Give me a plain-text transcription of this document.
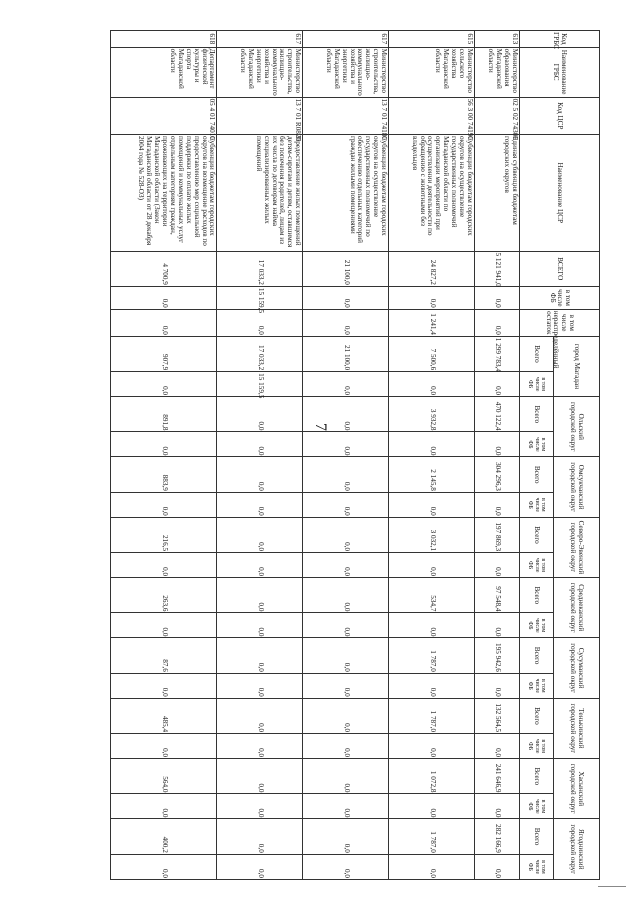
7
Код ГРБС	Наименование ГРБС	Код ЦСР	Наименование ЦСР	ВСЕГО	в том числе ФБ	в том числе нераспределённый остаток	город Магадан		Ольский городской округ		Омсукчанский городской округ		Северо-Эвенский городской округ		Среднеканский городской округ		Сусуманский городской округ		Тенькинский городской округ		Хасынский городской округ		Ягоднинский городской округ	
							Всего	в том числе ФБ	Всего	в том числе ФБ	Всего	в том числе ФБ	Всего	в том числе ФБ	Всего	в том числе ФБ	Всего	в том числе ФБ	Всего	в том числе ФБ	Всего	в том числе ФБ	Всего	в том числе ФБ
613	Министерство образования Магаданской области	02 5 02 74300	Единая субвенция бюджетам городских округов	5 121 941,0	0,0	0,0	1 299 783,4	0,0	470 122,4	0,0	304 296,3	0,0	197 869,3	0,0	97 548,4	0,0	195 942,6	0,0	132 564,5	0,0	241 646,9	0,0	282 166,9	0,0
615	Министерство сельского хозяйства Магаданской области	56 3 00 74190	Субвенции бюджетам городских округов на осуществление государственных полномочий Магаданской области по организации мероприятий при осуществлении деятельности по обращению с животными без владельцев	24 827,2	0,0	1 241,4	7 500,6	0,0	3 932,8	0,0	2 145,8	0,0	3 032,1	0,0	534,7	0,0	1 787,0	0,0	1 787,0	0,0	1 072,8	0,0	1 787,0	0,0
617	Министерство строительства, жилищно-коммунального хозяйства и энергетики Магаданской области	13 7 01 74180	Субвенции бюджетам городских округов на осуществление государственных полномочий по обеспечению отдельных категорий граждан жилыми помещениями	21 100,0	0,0	0,0	21 100,0	0,0	0,0	0,0	0,0	0,0	0,0	0,0	0,0	0,0	0,0	0,0	0,0	0,0	0,0	0,0	0,0	0,0
617	Министерство строительства, жилищно-коммунального хозяйства и энергетики Магаданской области	13 7 01 R0820	Предоставление жилых помещений детям-сиротам и детям, оставшимся без попечения родителей, лицам из их числа по договорам найма специализированных жилых помещений	17 033,2	15 159,5	0,0	17 033,2	15 159,5	0,0	0,0	0,0	0,0	0,0	0,0	0,0	0,0	0,0	0,0	0,0	0,0	0,0	0,0	0,0	0,0
618	Департамент физической культуры и спорта Магаданской области	05 4 01 74010	Субвенции бюджетам городских округов на возмещение расходов по предоставлению мер социальной поддержки по оплате жилых помещений и коммунальных услуг отдельным категориям граждан, проживающих на территории Магаданской области (Закон Магаданской области от 28 декабря 2004 года № 528-ОЗ)	4 700,9	0,0	0,0	907,9	0,0	891,8	0,0	883,9	0,0	216,5	0,0	263,6	0,0	87,6	0,0	485,4	0,0	564,0	0,0	400,2	0,0
